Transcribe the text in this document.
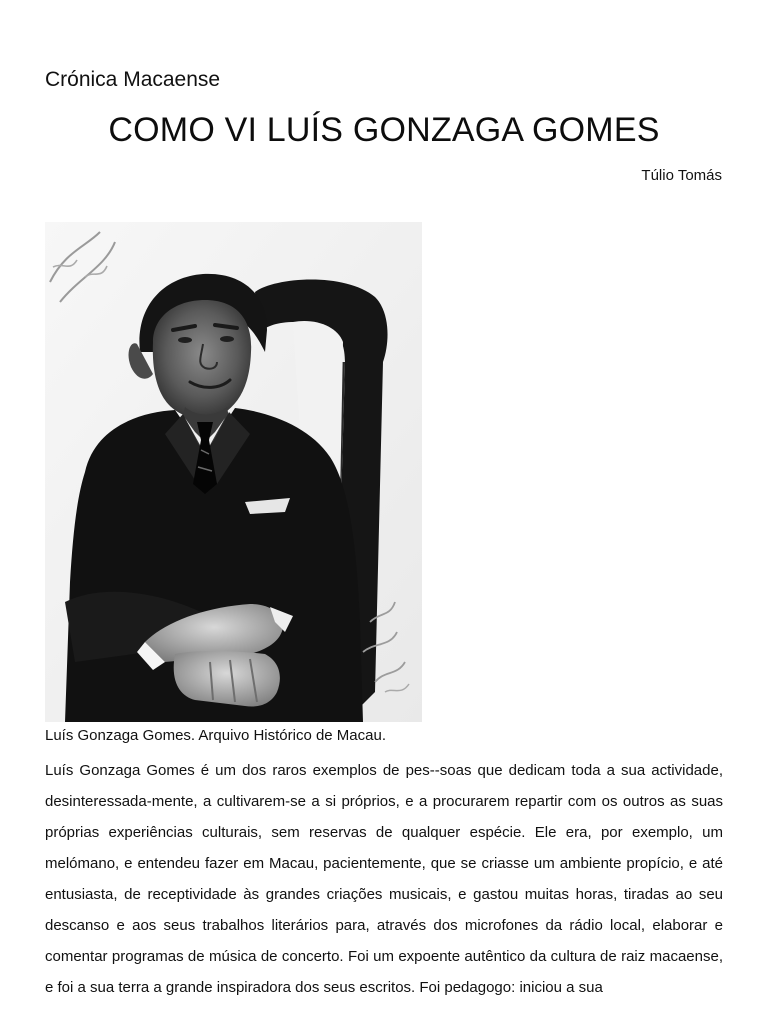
Crónica Macaense
COMO VI LUÍS GONZAGA GOMES
Túlio Tomás
Luís Gonzaga Gomes. Arquivo Histórico de Macau.

Luís Gonzaga Gomes é um dos raros exemplos de pes--soas que dedicam toda a sua actividade, desinteressada-mente, a cultivarem-se a si próprios, e a procurarem repartir com os outros as suas próprias experiências culturais, sem reservas de qualquer espécie. Ele era, por exemplo, um melómano, e entendeu fazer em Macau, pacientemente, que se criasse um ambiente propício, e até entusiasta, de receptividade às grandes criações musicais, e gastou muitas horas, tiradas ao seu descanso e aos seus trabalhos literários para, através dos microfones da rádio local, elaborar e comentar programas de música de concerto. Foi um expoente autêntico da cultura de raiz macaense, e foi a sua terra a grande inspiradora dos seus escritos. Foi pedagogo: iniciou a sua
